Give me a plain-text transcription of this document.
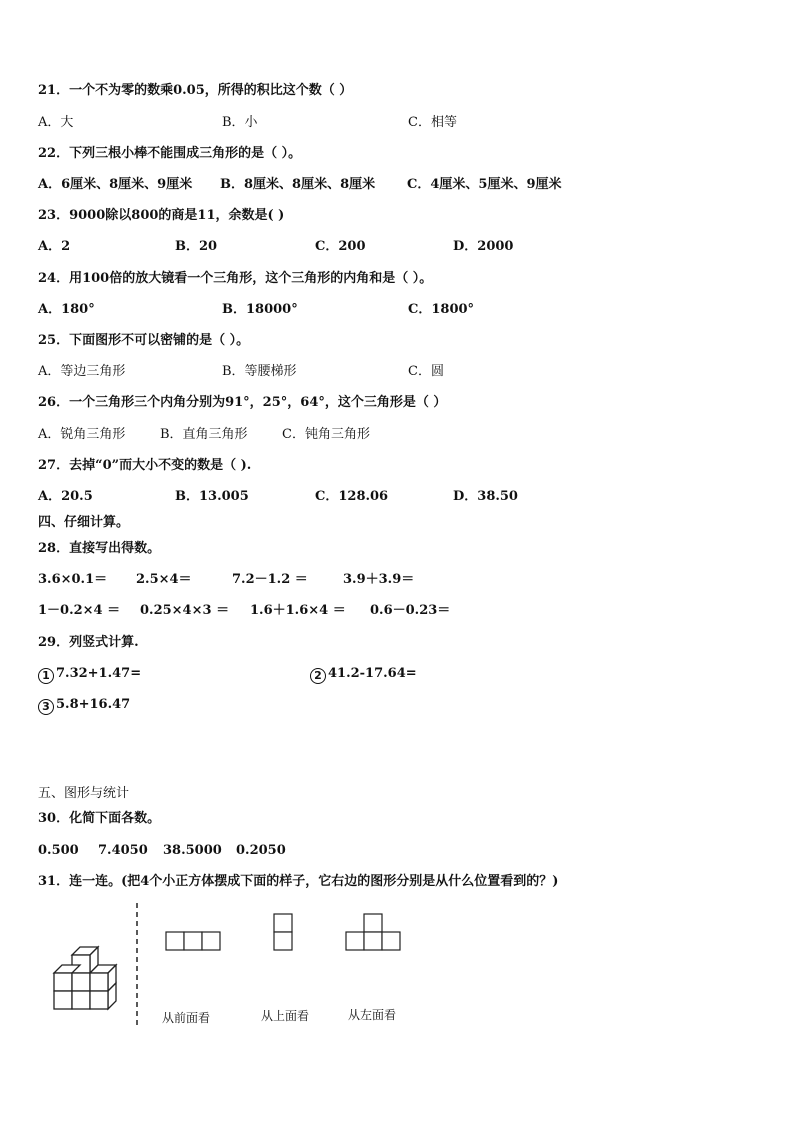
21．一个不为零的数乘0.05，所得的积比这个数（ ）
A．大	B．小	C．相等
22．下列三根小棒不能围成三角形的是（ ）。
A．6厘米、8厘米、9厘米 B．8厘米、8厘米、8厘米 C．4厘米、5厘米、9厘米
23．9000除以800的商是11，余数是( )
A．2	B．20	C．200	D．2000
24．用100倍的放大镜看一个三角形，这个三角形的内角和是（ ）。
A．180°	B．18000°	C．1800°
25．下面图形不可以密铺的是（ ）。
A．等边三角形	B．等腰梯形	C．圆
26．一个三角形三个内角分别为91°，25°，64°，这个三角形是（ ）
A．锐角三角形	B．直角三角形	C．钝角三角形
27．去掉“0”而大小不变的数是（ ).
A．20.5	B．13.005	C．128.06	D．38.50
四、仔细计算。
28．直接写出得数。
3.6×0.1＝ 2.5×4＝	7.2－1.2 ＝	3.9＋3.9＝
1－0.2×4 ＝ 0.25×4×3 ＝ 1.6＋1.6×4 ＝ 0.6－0.23＝
29．列竖式计算.
1 7.32+1.47=	2 41.2-17.64=
3 5.8+16.47
五、图形与统计
30．化简下面各数。
0.500 7.4050 38.5000 0.2050
31．连一连。(把4个小正方体摆成下面的样子，它右边的图形分别是从什么位置看到的？)
从前面看	从上面看	从左面看
